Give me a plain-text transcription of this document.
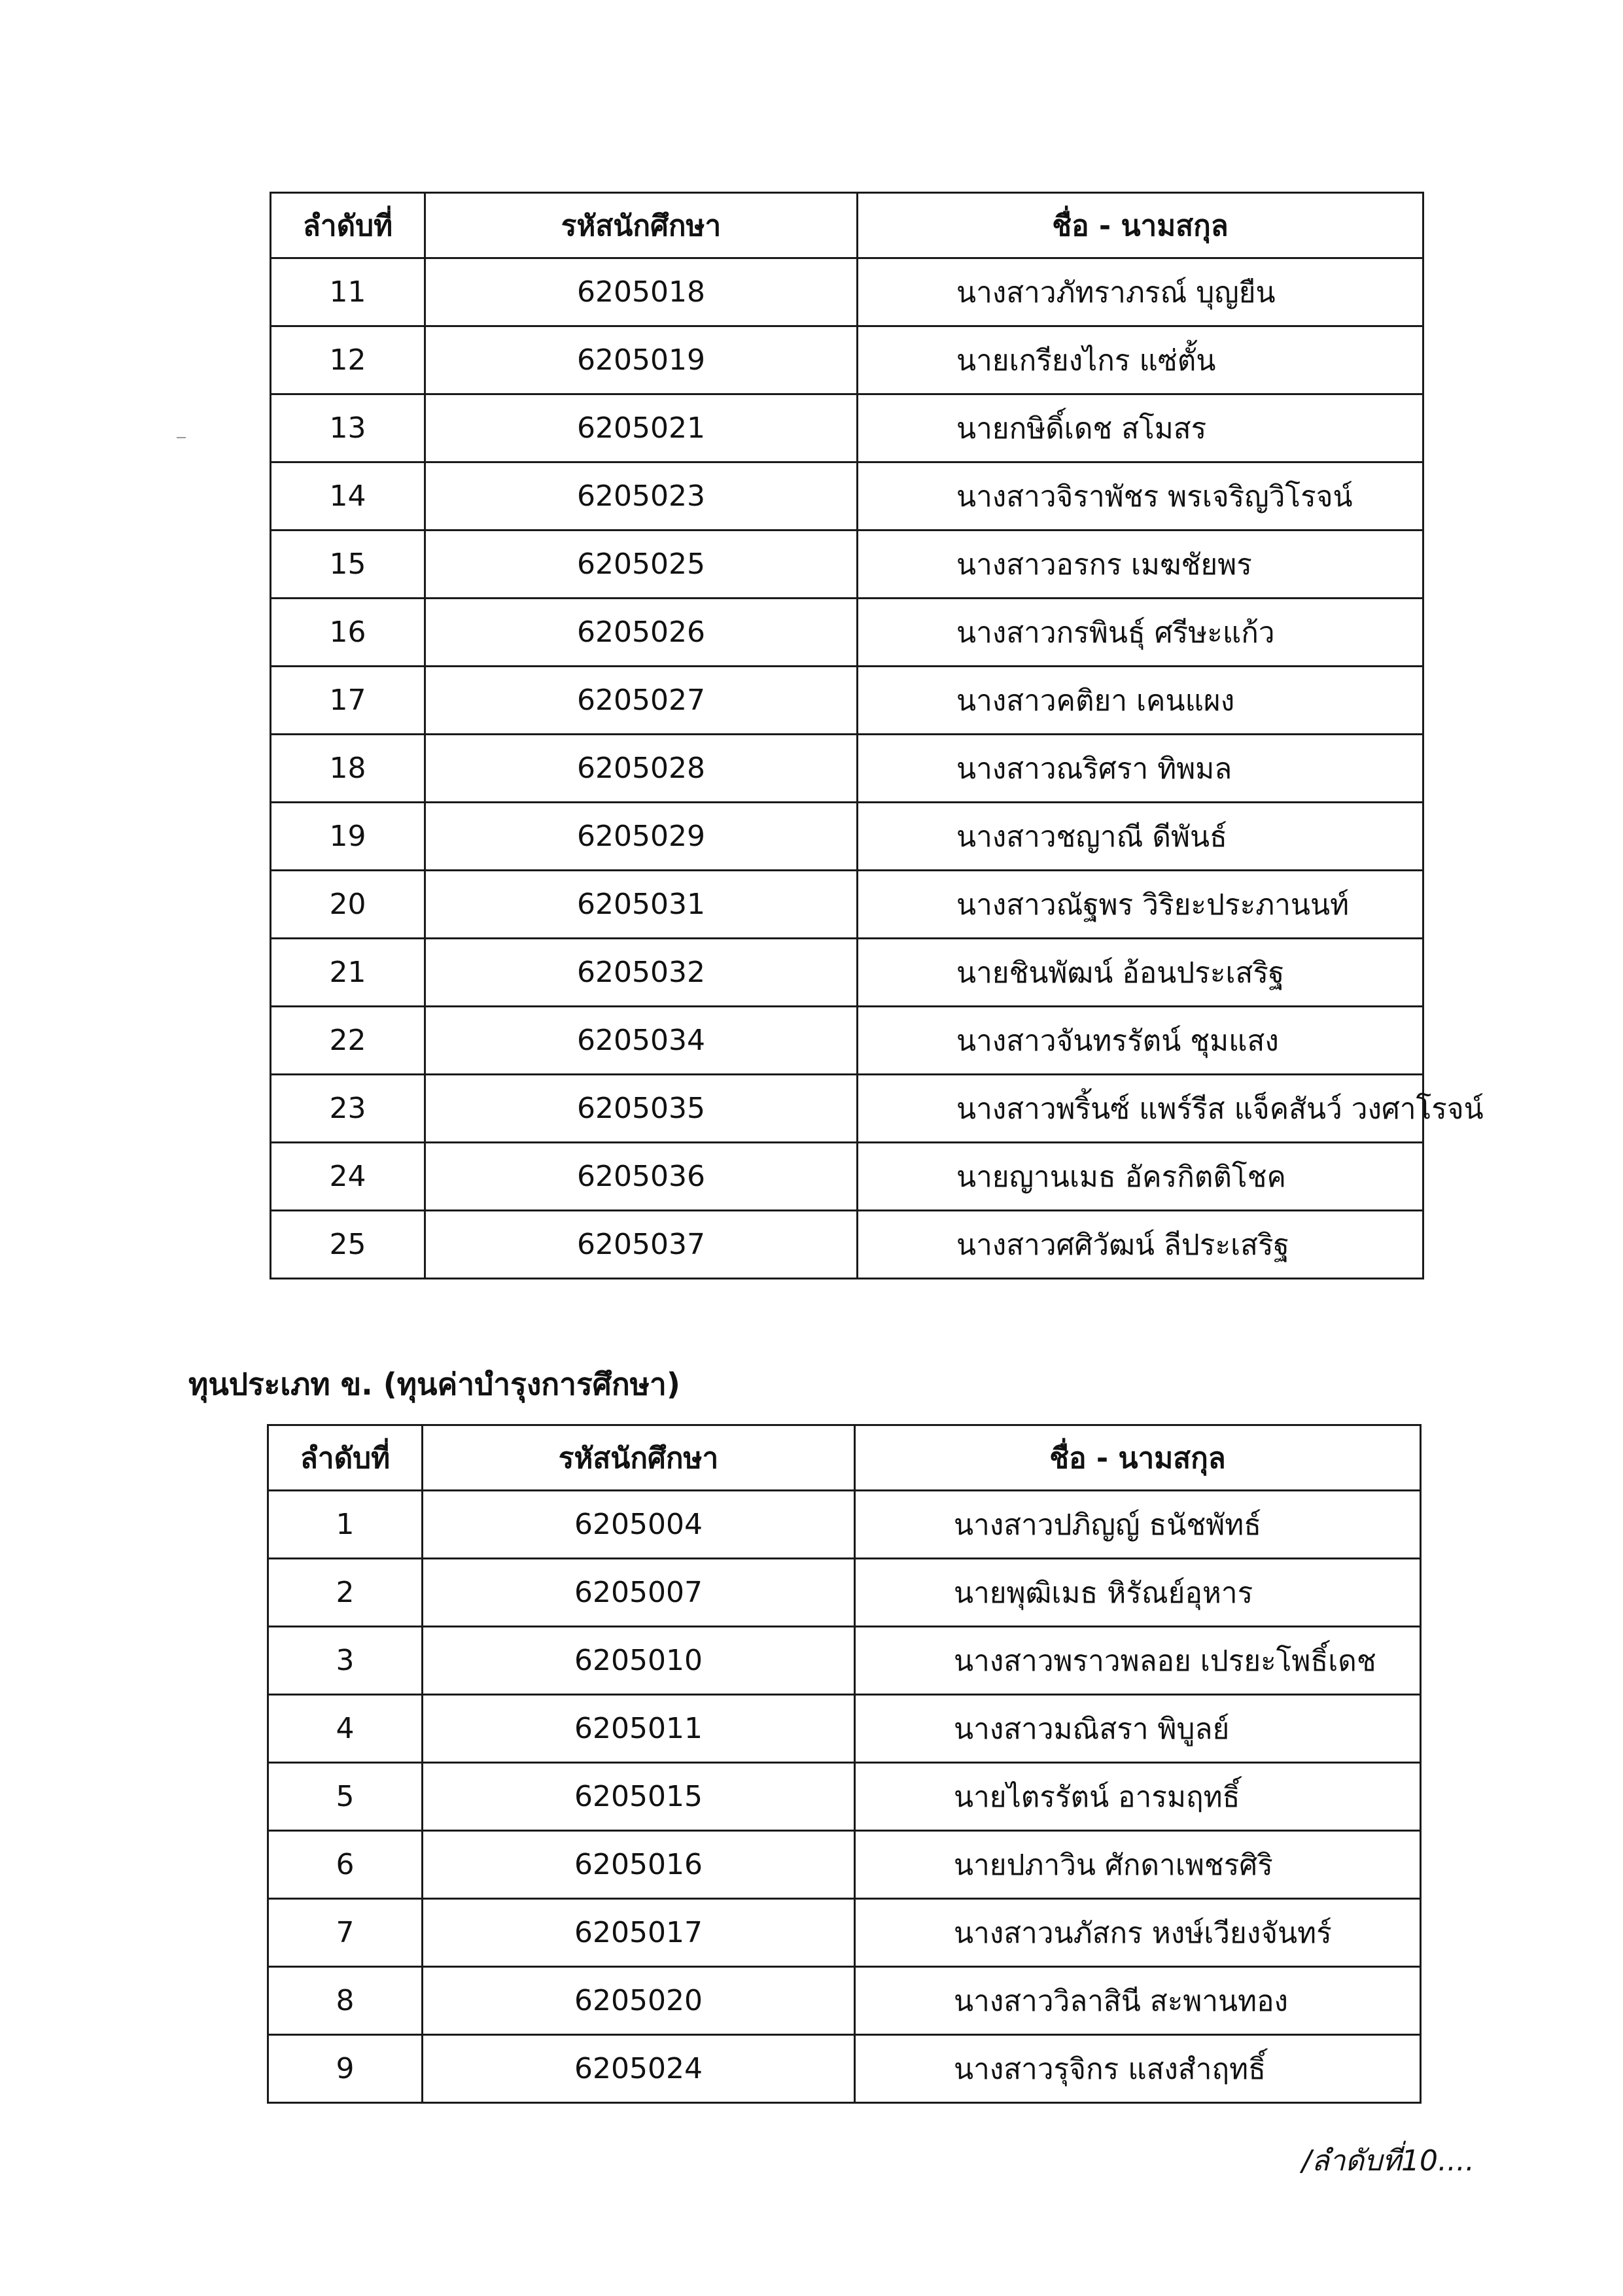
ลำดับที่	รหัสนักศึกษา	ชื่อ - นามสกุล
11	6205018	นางสาวภัทราภรณ์ บุญยืน
12	6205019	นายเกรียงไกร แซ่ตั้น
13	6205021	นายกษิดิ์เดช สโมสร
14	6205023	นางสาวจิราพัชร พรเจริญวิโรจน์
15	6205025	นางสาวอรกร เมฆชัยพร
16	6205026	นางสาวกรพินธุ์ ศรีษะแก้ว
17	6205027	นางสาวคติยา เคนแผง
18	6205028	นางสาวณริศรา ทิพมล
19	6205029	นางสาวชญาณี ดีพันธ์
20	6205031	นางสาวณัฐพร วิริยะประภานนท์
21	6205032	นายชินพัฒน์ อ้อนประเสริฐ
22	6205034	นางสาวจันทรรัตน์ ชุมแสง
23	6205035	นางสาวพริ้นซ์ แพร์รีส แจ็คสันว์ วงศาโรจน์
24	6205036	นายญานเมธ อัครกิตติโชค
25	6205037	นางสาวศศิวัฒน์ ลีประเสริฐ
ทุนประเภท ข. (ทุนค่าบำรุงการศึกษา)
ลำดับที่	รหัสนักศึกษา	ชื่อ - นามสกุล
1	6205004	นางสาวปภิญญ์ ธนัชพัทธ์
2	6205007	นายพุฒิเมธ หิรัณย์อุหาร
3	6205010	นางสาวพราวพลอย เปรยะโพธิ์เดช
4	6205011	นางสาวมณิสรา พิบูลย์
5	6205015	นายไตรรัตน์ อารมฤทธิ์
6	6205016	นายปภาวิน ศักดาเพชรศิริ
7	6205017	นางสาวนภัสกร หงษ์เวียงจันทร์
8	6205020	นางสาววิลาสินี สะพานทอง
9	6205024	นางสาวรุจิกร แสงสำฤทธิ์
/ลำดับที่10....
